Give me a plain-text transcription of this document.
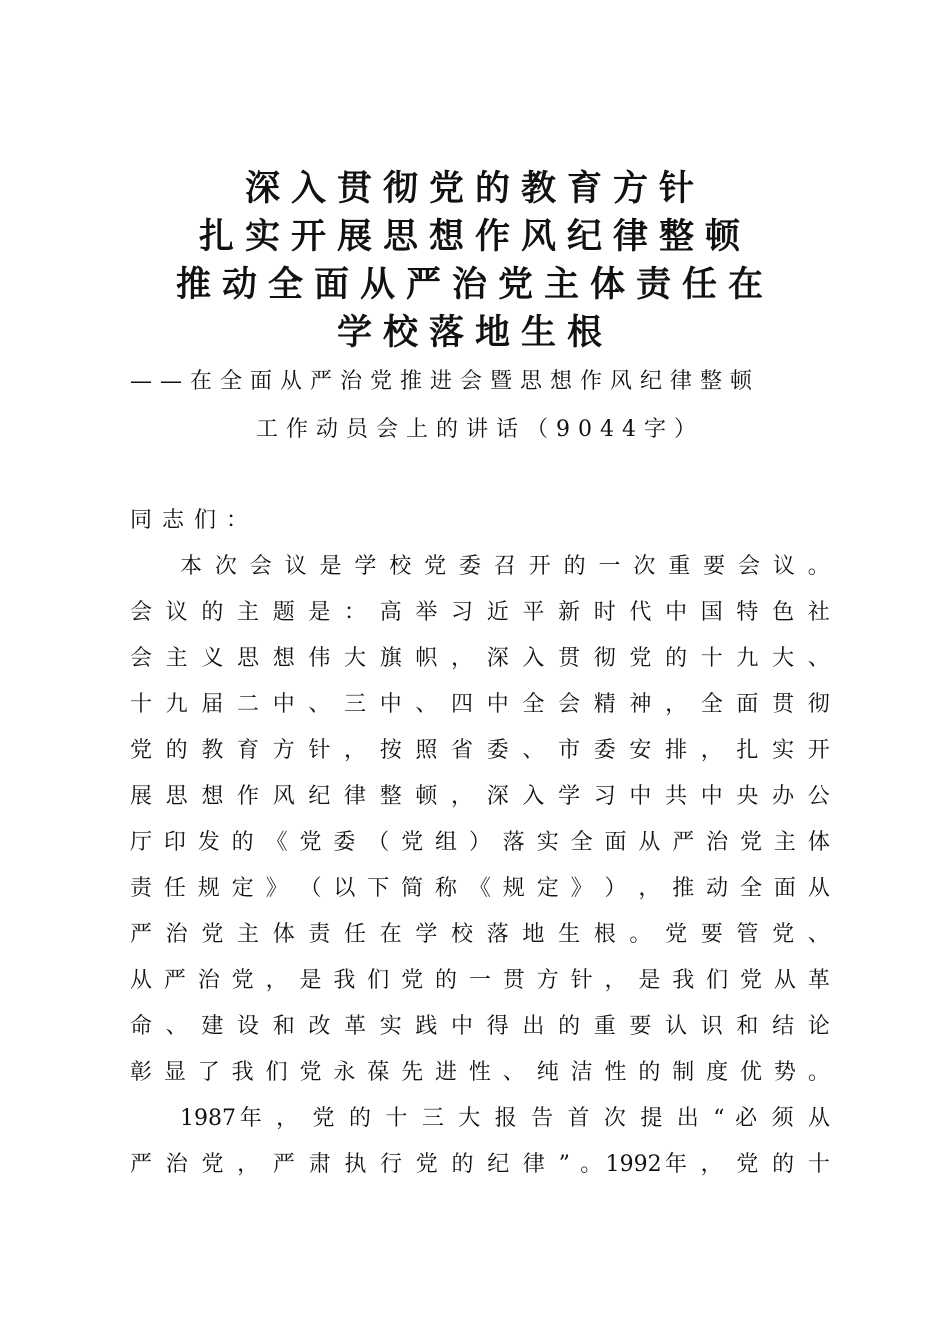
深入贯彻党的教育方针
扎实开展思想作风纪律整顿
推动全面从严治党主体责任在
学校落地生根
——在全面从严治党推进会暨思想作风纪律整顿
工作动员会上的讲话（9044字）
同志们：
本 次 会 议 是 学 校 党 委 召 开 的 一 次 重 要 会 议 。
会 议 的 主 题 是 ： 高 举 习 近 平 新 时 代 中 国 特 色 社
会 主 义 思 想 伟 大 旗 帜 ， 深 入 贯 彻 党 的 十 九 大 、
十 九 届 二 中 、 三 中 、 四 中 全 会 精 神 ， 全 面 贯 彻
党 的 教 育 方 针 ， 按 照 省 委 、 市 委 安 排 ， 扎 实 开
展 思 想 作 风 纪 律 整 顿 ， 深 入 学 习 中 共 中 央 办 公
厅 印 发 的 《 党 委 （ 党 组 ） 落 实 全 面 从 严 治 党 主 体
责 任 规 定 》 （ 以 下 简 称 《 规 定 》 ） ， 推 动 全 面 从
严 治 党 主 体 责 任 在 学 校 落 地 生 根 。 党 要 管 党 、
从 严 治 党 ， 是 我 们 党 的 一 贯 方 针 ， 是 我 们 党 从 革
命 、 建 设 和 改 革 实 践 中 得 出 的 重 要 认 识 和 结 论
彰 显 了 我 们 党 永 葆 先 进 性 、 纯 洁 性 的 制 度 优 势 。
1987年 ， 党 的 十 三 大 报 告 首 次 提 出 “ 必 须 从
严 治 党 ， 严 肃 执 行 党 的 纪 律 ” 。1992年 ， 党 的 十
